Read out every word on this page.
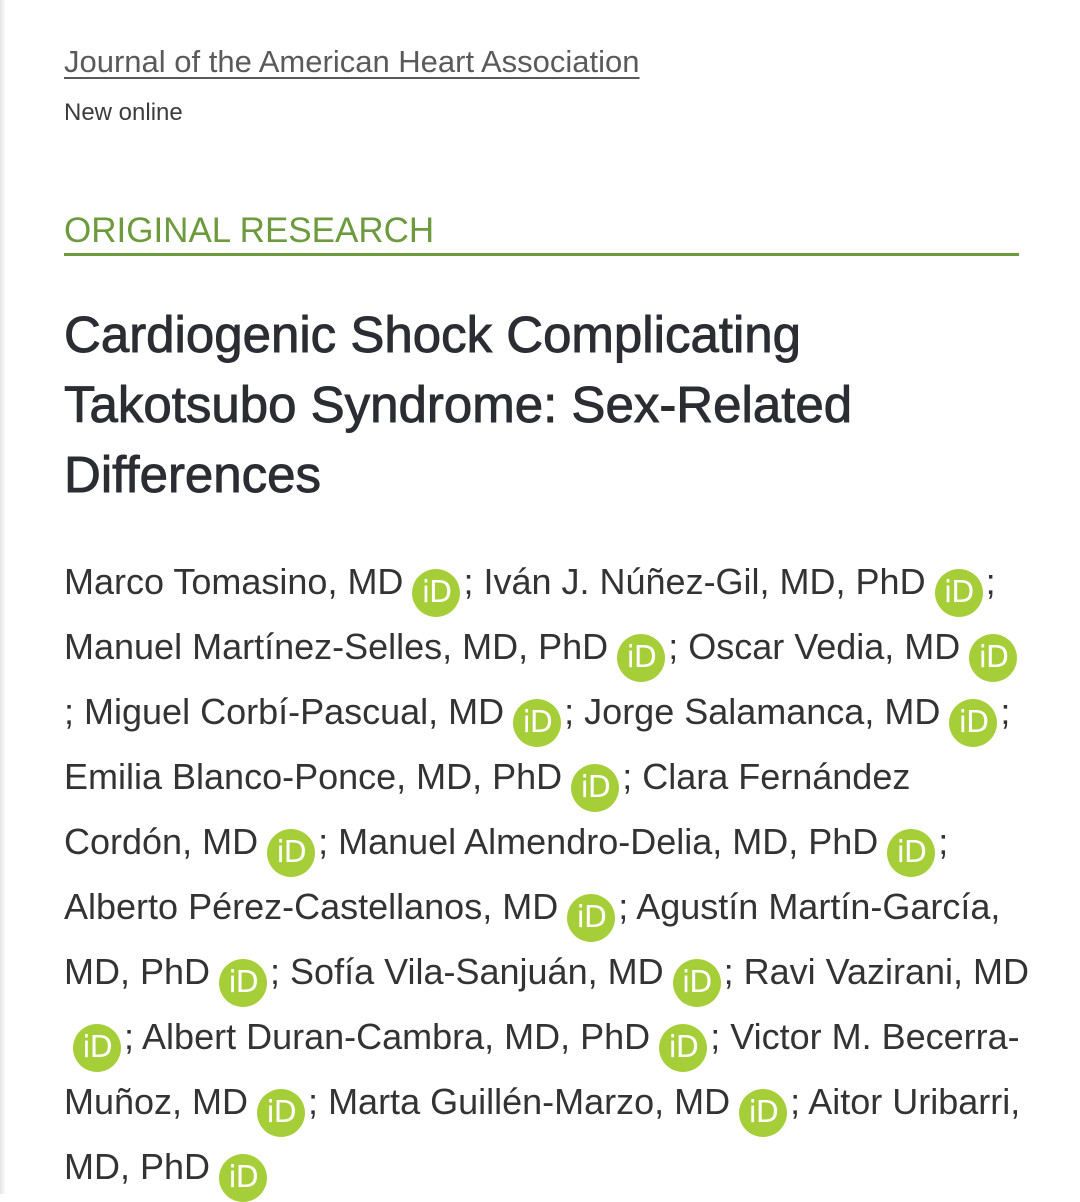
Journal of the American Heart Association
New online
ORIGINAL RESEARCH
Cardiogenic Shock Complicating Takotsubo Syndrome: Sex-Related Differences
Marco Tomasino, MD iD ; Iván J. Núñez-Gil, MD, PhD iD ; Manuel Martínez-Selles, MD, PhD iD ; Oscar Vedia, MD iD; Miguel Corbí-Pascual, MD iD ; Jorge Salamanca, MD iD ; Emilia Blanco-Ponce, MD, PhD iD ; Clara Fernández Cordón, MD iD ; Manuel Almendro-Delia, MD, PhD iD ; Alberto Pérez-Castellanos, MD iD ; Agustín Martín-García, MD, PhD iD ; Sofía Vila-Sanjuán, MD iD ; Ravi Vazirani, MDiD ; Albert Duran-Cambra, MD, PhD iD ; Victor M. Becerra-Muñoz, MD iD ; Marta Guillén-Marzo, MD iD ; Aitor Uribarri, MD, PhD iD
